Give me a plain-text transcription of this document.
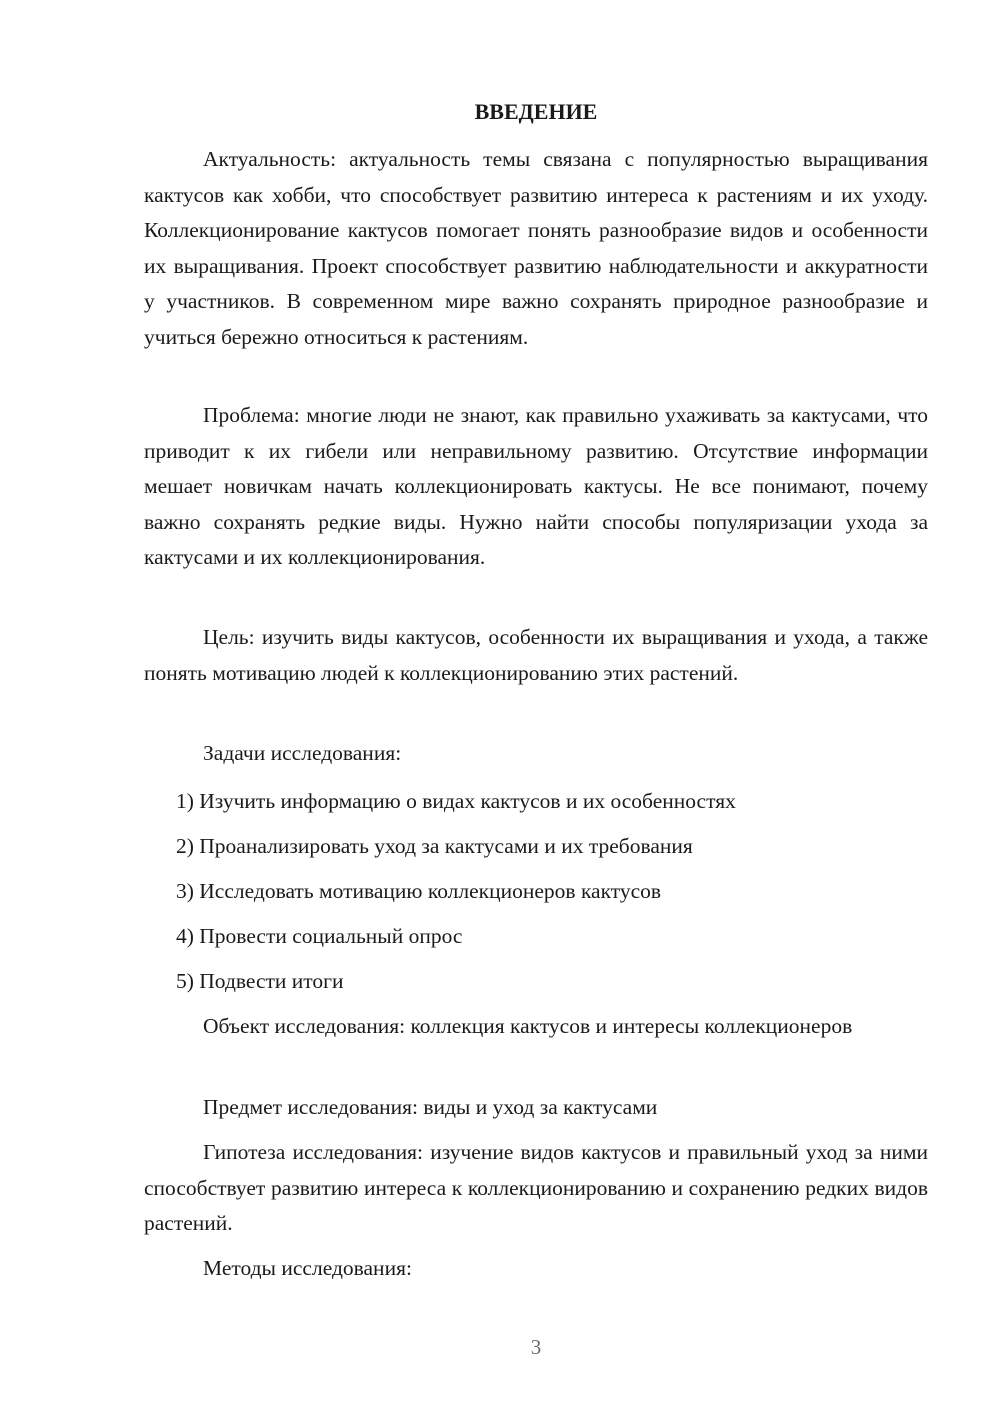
ВВЕДЕНИЕ

Актуальность: актуальность темы связана с популярностью выращивания кактусов как хобби, что способствует развитию интереса к растениям и их уходу. Коллекционирование кактусов помогает понять разнообразие видов и особенности их выращивания. Проект способствует развитию наблюдательности и аккуратности у участников. В современном мире важно сохранять природное разнообразие и учиться бережно относиться к растениям.

Проблема: многие люди не знают, как правильно ухаживать за кактусами, что приводит к их гибели или неправильному развитию. Отсутствие информации мешает новичкам начать коллекционировать кактусы. Не все понимают, почему важно сохранять редкие виды. Нужно найти способы популяризации ухода за кактусами и их коллекционирования.

Цель: изучить виды кактусов, особенности их выращивания и ухода, а также понять мотивацию людей к коллекционированию этих растений.

Задачи исследования:

1) Изучить информацию о видах кактусов и их особенностях

2) Проанализировать уход за кактусами и их требования

3) Исследовать мотивацию коллекционеров кактусов

4) Провести социальный опрос

5) Подвести итоги

Объект исследования: коллекция кактусов и интересы коллекционеров

Предмет исследования: виды и уход за кактусами

Гипотеза исследования: изучение видов кактусов и правильный уход за ними способствует развитию интереса к коллекционированию и сохранению редких видов растений.

Методы исследования:

3
